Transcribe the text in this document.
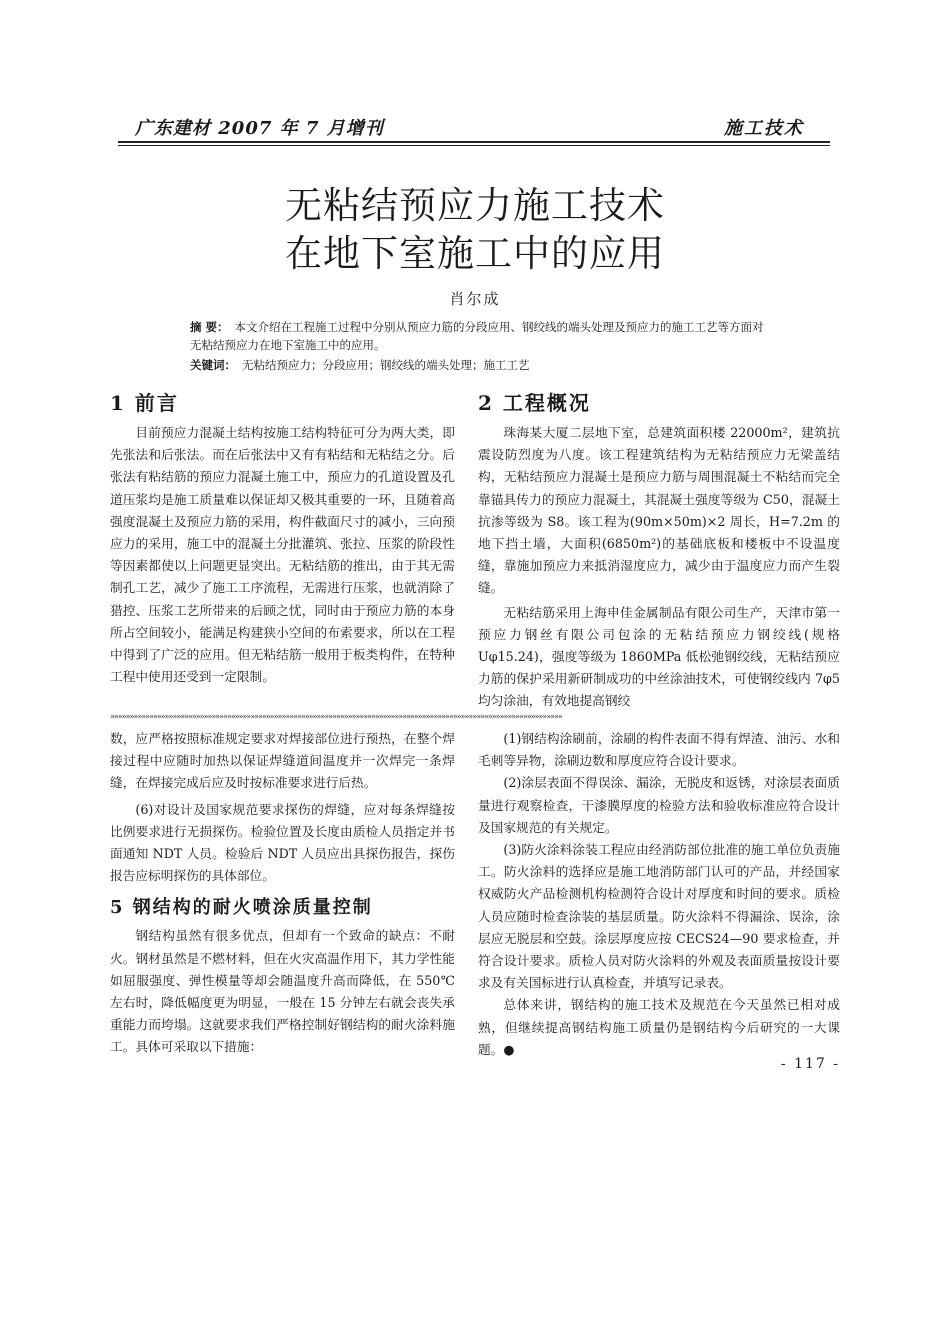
广东建材 2007 年 7 月增刊	施工技术
无粘结预应力施工技术
在地下室施工中的应用
肖尔成
摘 要： 本文介绍在工程施工过程中分别从预应力筋的分段应用、钢绞线的端头处理及预应力的施工工艺等方面对无粘结预应力在地下室施工中的应用。
关键词： 无粘结预应力；分段应用；钢绞线的端头处理；施工工艺
1 前言

目前预应力混凝土结构按施工结构特征可分为两大类，即先张法和后张法。而在后张法中又有有粘结和无粘结之分。后张法有粘结筋的预应力混凝土施工中，预应力的孔道设置及孔道压浆均是施工质量难以保证却又极其重要的一环，且随着高强度混凝土及预应力筋的采用，构件截面尺寸的减小，三向预应力的采用，施工中的混凝土分批灌筑、张拉、压浆的阶段性等因素都使以上问题更显突出。无粘结筋的推出，由于其无需制孔工艺，减少了施工工序流程，无需进行压浆，也就消除了猎控、压浆工艺所带来的后顾之忧，同时由于预应力筋的本身所占空间较小，能满足构建狭小空间的布索要求，所以在工程中得到了广泛的应用。但无粘结筋一般用于板类构件，在特种工程中使用还受到一定限制。

2 工程概况

珠海某大厦二层地下室，总建筑面积楼 22000m²，建筑抗震设防烈度为八度。该工程建筑结构为无粘结预应力无梁盖结构，无粘结预应力混凝土是预应力筋与周围混凝土不粘结而完全靠锚具传力的预应力混凝土，其混凝土强度等级为 C50，混凝土抗渗等级为 S8。该工程为(90m×50m)×2 周长，H=7.2m 的地下挡土墙，大面积(6850m²)的基础底板和楼板中不设温度缝，靠施加预应力来抵消湿度应力，减少由于温度应力而产生裂缝。

无粘结筋采用上海申佳金属制品有限公司生产，天津市第一预应力钢丝有限公司包涂的无粘结预应力钢绞线(规格 Uφ15.24)，强度等级为 1860MPa 低松弛钢绞线，无粘结预应力筋的保护采用新研制成功的中丝涂油技术，可使钢绞线内 7φ5 均匀涂油，有效地提高钢绞

»»»»»»»»»»»»»»»»»»»»»»»»»»»»»»»»»»»»»»»»»»»»»»»»»»»»»»»»»»»»»»»»»»»»»»»»»»»»»»»»»»»»»»»»»»»»»»»»»»»»»»»»»»»»»»»»»»»»

数，应严格按照标准规定要求对焊接部位进行预热，在整个焊接过程中应随时加热以保证焊缝道间温度并一次焊完一条焊缝，在焊接完成后应及时按标准要求进行后热。

(6)对设计及国家规范要求探伤的焊缝，应对每条焊缝按比例要求进行无损探伤。检验位置及长度由质检人员指定并书面通知 NDT 人员。检验后 NDT 人员应出具探伤报告，探伤报告应标明探伤的具体部位。

5 钢结构的耐火喷涂质量控制

钢结构虽然有很多优点，但却有一个致命的缺点：不耐火。钢材虽然是不燃材料，但在火灾高温作用下，其力学性能如屈服强度、弹性模量等却会随温度升高而降低，在 550℃左右时，降低幅度更为明显，一般在 15 分钟左右就会丧失承重能力而垮塌。这就要求我们严格控制好钢结构的耐火涂料施工。具体可采取以下措施：

(1)钢结构涂刷前，涂刷的构件表面不得有焊渣、油污、水和毛刺等异物，涂刷边数和厚度应符合设计要求。

(2)涂层表面不得误涂、漏涂，无脱皮和返锈，对涂层表面质量进行观察检查，干漆膜厚度的检验方法和验收标准应符合设计及国家规范的有关规定。

(3)防火涂料涂装工程应由经消防部位批准的施工单位负责施工。防火涂料的选择应是施工地消防部门认可的产品，并经国家权威防火产品检测机构检测符合设计对厚度和时间的要求。质检人员应随时检查涂装的基层质量。防火涂料不得漏涂、误涂，涂层应无脱层和空鼓。涂层厚度应按 CECS24—90 要求检查，并符合设计要求。质检人员对防火涂料的外观及表面质量按设计要求及有关国标进行认真检查，并填写记录表。

总体来讲，钢结构的施工技术及规范在今天虽然已相对成熟，但继续提高钢结构施工质量仍是钢结构今后研究的一大课题。●

- 117 -
